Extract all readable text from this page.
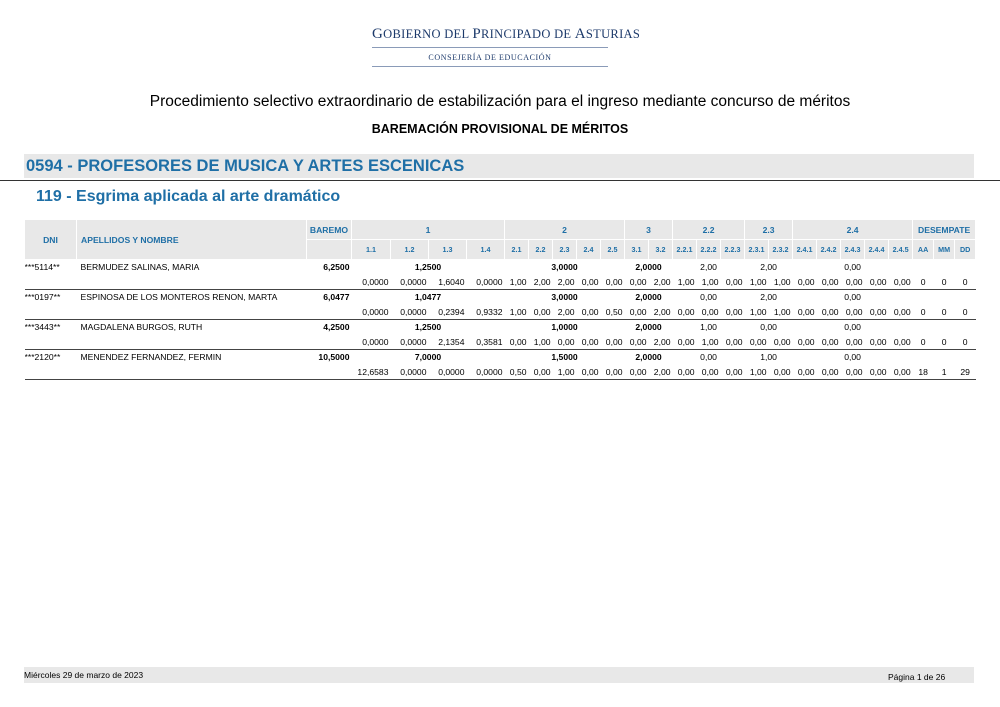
GOBIERNO DEL PRINCIPADO DE ASTURIAS
CONSEJERÍA DE EDUCACIÓN
Procedimiento selectivo extraordinario de estabilización para el ingreso mediante concurso de méritos
BAREMACIÓN PROVISIONAL DE MÉRITOS
0594 - PROFESORES DE MUSICA Y ARTES ESCENICAS
119 - Esgrima aplicada al arte dramático
DNI	APELLIDOS Y NOMBRE	BAREMO	1				2					3		2.2			2.3		2.4					DESEMPATE		
			1.1	1.2	1.3	1.4	2.1	2.2	2.3	2.4	2.5	3.1	3.2	2.2.1	2.2.2	2.2.3	2.3.1	2.3.2	2.4.1	2.4.2	2.4.3	2.4.4	2.4.5	AA	MM	DD
***5114**	BERMUDEZ SALINAS, MARIA	6,2500	1,2500				3,0000					2,0000		2,00			2,00		0,00							
			0,0000	0,0000	1,6040	0,0000	1,00	2,00	2,00	0,00	0,00	0,00	2,00	1,00	1,00	0,00	1,00	1,00	0,00	0,00	0,00	0,00	0,00	0	0	0
***0197**	ESPINOSA DE LOS MONTEROS RENON, MARTA	6,0477	1,0477				3,0000					2,0000		0,00			2,00		0,00							
			0,0000	0,0000	0,2394	0,9332	1,00	0,00	2,00	0,00	0,50	0,00	2,00	0,00	0,00	0,00	1,00	1,00	0,00	0,00	0,00	0,00	0,00	0	0	0
***3443**	MAGDALENA BURGOS, RUTH	4,2500	1,2500				1,0000					2,0000		1,00			0,00		0,00							
			0,0000	0,0000	2,1354	0,3581	0,00	1,00	0,00	0,00	0,00	0,00	2,00	0,00	1,00	0,00	0,00	0,00	0,00	0,00	0,00	0,00	0,00	0	0	0
***2120**	MENENDEZ FERNANDEZ, FERMIN	10,5000	7,0000				1,5000					2,0000		0,00			1,00		0,00							
			12,6583	0,0000	0,0000	0,0000	0,50	0,00	1,00	0,00	0,00	0,00	2,00	0,00	0,00	0,00	1,00	0,00	0,00	0,00	0,00	0,00	0,00	18	1	29
Miércoles 29 de marzo de 2023	Página 1 de 26
